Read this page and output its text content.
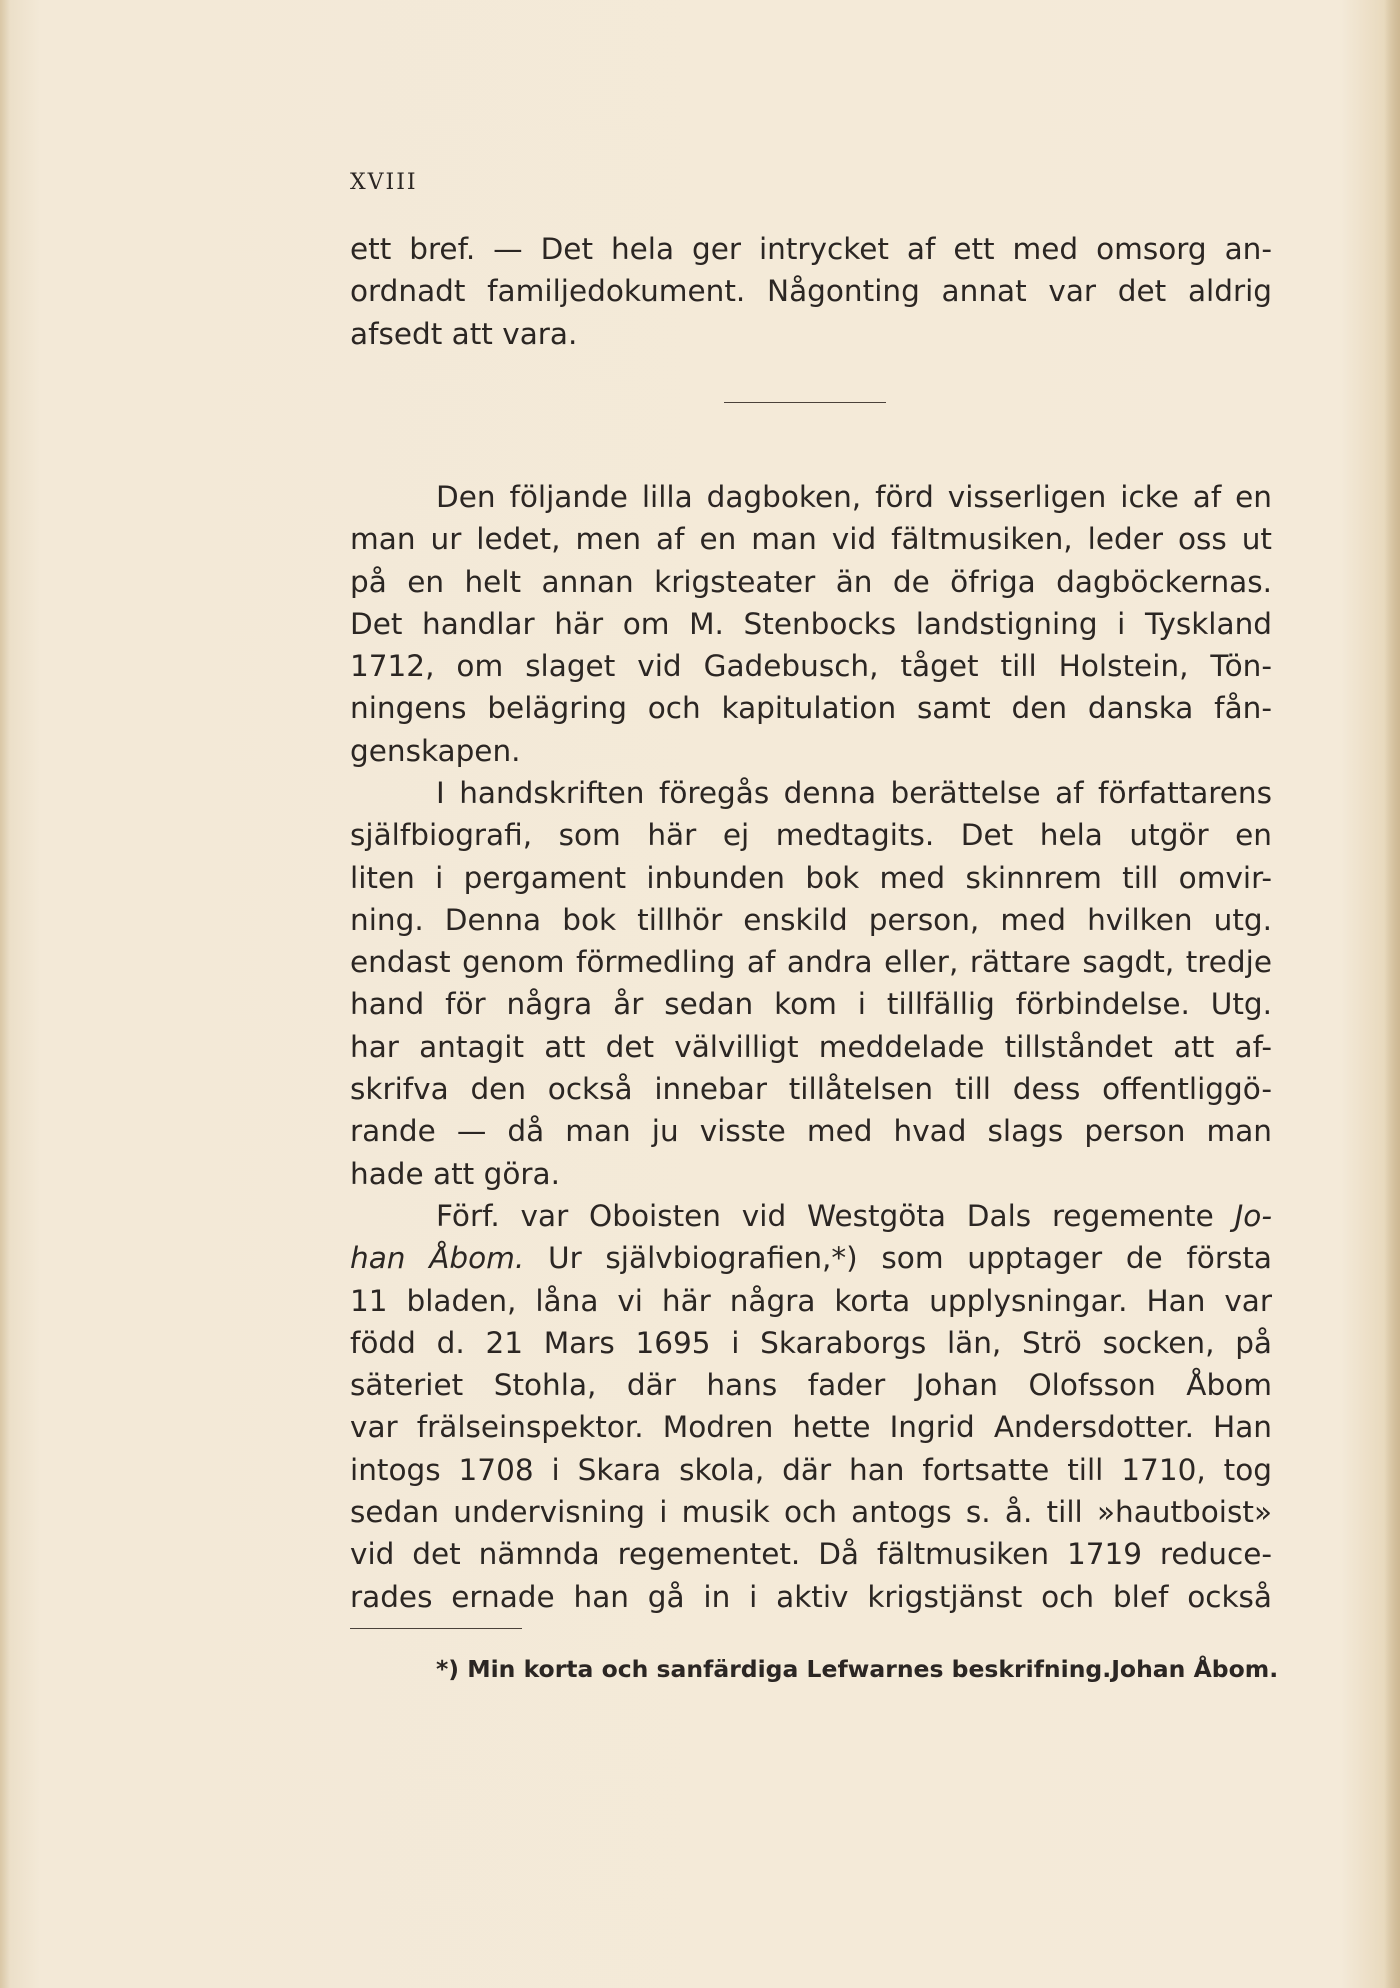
XVIII
ett bref. — Det hela ger intrycket af ett med omsorg an-
ordnadt familjedokument. Någonting annat var det aldrig
afsedt att vara.
Den följande lilla dagboken, förd visserligen icke af en
man ur ledet, men af en man vid fältmusiken, leder oss ut
på en helt annan krigsteater än de öfriga dagböckernas.
Det handlar här om M. Stenbocks landstigning i Tyskland
1712, om slaget vid Gadebusch, tåget till Holstein, Tön-
ningens belägring och kapitulation samt den danska fån-
genskapen.
I handskriften föregås denna berättelse af författarens
själfbiografi, som här ej medtagits. Det hela utgör en
liten i pergament inbunden bok med skinnrem till omvir-
ning. Denna bok tillhör enskild person, med hvilken utg.
endast genom förmedling af andra eller, rättare sagdt, tredje
hand för några år sedan kom i tillfällig förbindelse. Utg.
har antagit att det välvilligt meddelade tillståndet att af-
skrifva den också innebar tillåtelsen till dess offentliggö-
rande — då man ju visste med hvad slags person man
hade att göra.
Förf. var Oboisten vid Westgöta Dals regemente Jo-
han Åbom. Ur självbiografien,*) som upptager de första
11 bladen, låna vi här några korta upplysningar. Han var
född d. 21 Mars 1695 i Skaraborgs län, Strö socken, på
säteriet Stohla, där hans fader Johan Olofsson Åbom
var frälseinspektor. Modren hette Ingrid Andersdotter. Han
intogs 1708 i Skara skola, där han fortsatte till 1710, tog
sedan undervisning i musik och antogs s. å. till »hautboist»
vid det nämnda regementet. Då fältmusiken 1719 reduce-
rades ernade han gå in i aktiv krigstjänst och blef också
*) Min korta och sanfärdiga Lefwarnes beskrifning. Johan Åbom.
